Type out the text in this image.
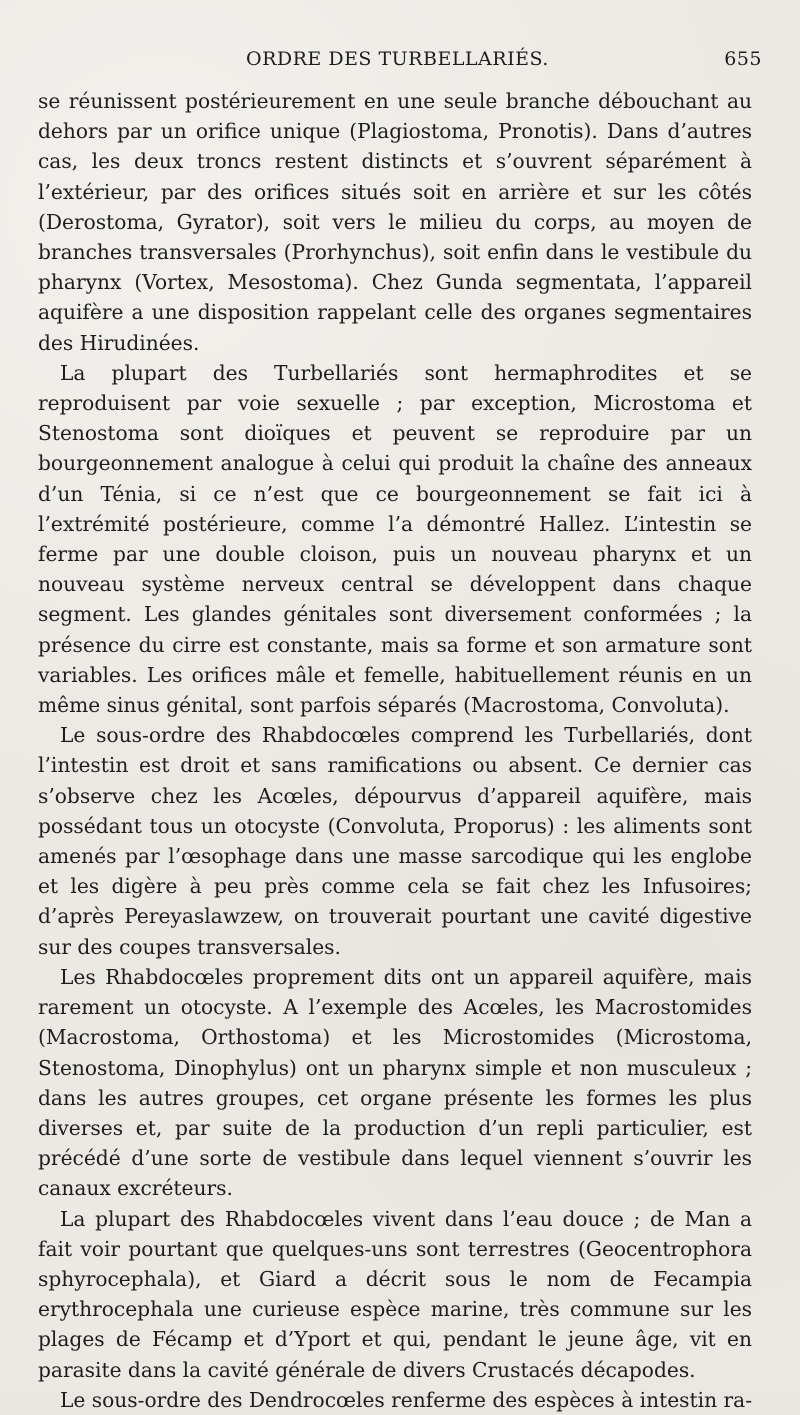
ORDRE DES TURBELLARIÉS.	655

se réunissent postérieurement en une seule branche débouchant au dehors par un orifice unique (Plagiostoma, Pronotis). Dans d’autres cas, les deux troncs restent distincts et s’ouvrent séparément à l’extérieur, par des orifices situés soit en arrière et sur les côtés (Derostoma, Gyrator), soit vers le milieu du corps, au moyen de branches transversales (Prorhynchus), soit enfin dans le vestibule du pharynx (Vortex, Mesostoma). Chez Gunda segmentata, l’appareil aquifère a une disposition rappelant celle des organes segmentaires des Hirudinées.

La plupart des Turbellariés sont hermaphrodites et se reproduisent par voie sexuelle ; par exception, Microstoma et Stenostoma sont dioïques et peuvent se reproduire par un bourgeonnement analogue à celui qui produit la chaîne des anneaux d’un Ténia, si ce n’est que ce bourgeonnement se fait ici à l’extrémité postérieure, comme l’a démontré Hallez. L’intestin se ferme par une double cloison, puis un nouveau pharynx et un nouveau système nerveux central se développent dans chaque segment. Les glandes génitales sont diversement conformées ; la présence du cirre est constante, mais sa forme et son armature sont variables. Les orifices mâle et femelle, habituellement réunis en un même sinus génital, sont parfois séparés (Macrostoma, Convoluta).

Le sous-ordre des Rhabdocœles comprend les Turbellariés, dont l’intestin est droit et sans ramifications ou absent. Ce dernier cas s’observe chez les Acœles, dépourvus d’appareil aquifère, mais possédant tous un otocyste (Convoluta, Proporus) : les aliments sont amenés par l’œsophage dans une masse sarcodique qui les englobe et les digère à peu près comme cela se fait chez les Infusoires; d’après Pereyaslawzew, on trouverait pourtant une cavité digestive sur des coupes transversales.

Les Rhabdocœles proprement dits ont un appareil aquifère, mais rarement un otocyste. A l’exemple des Acœles, les Macrostomides (Macrostoma, Orthostoma) et les Microstomides (Microstoma, Stenostoma, Dinophylus) ont un pharynx simple et non musculeux ; dans les autres groupes, cet organe présente les formes les plus diverses et, par suite de la production d’un repli particulier, est précédé d’une sorte de vestibule dans lequel viennent s’ouvrir les canaux excréteurs.

La plupart des Rhabdocœles vivent dans l’eau douce ; de Man a fait voir pourtant que quelques-uns sont terrestres (Geocentrophora sphyrocephala), et Giard a décrit sous le nom de Fecampia erythrocephala une curieuse espèce marine, très commune sur les plages de Fécamp et d’Yport et qui, pendant le jeune âge, vit en parasite dans la cavité générale de divers Crustacés décapodes.

Le sous-ordre des Dendrocœles renferme des espèces à intestin ra-
